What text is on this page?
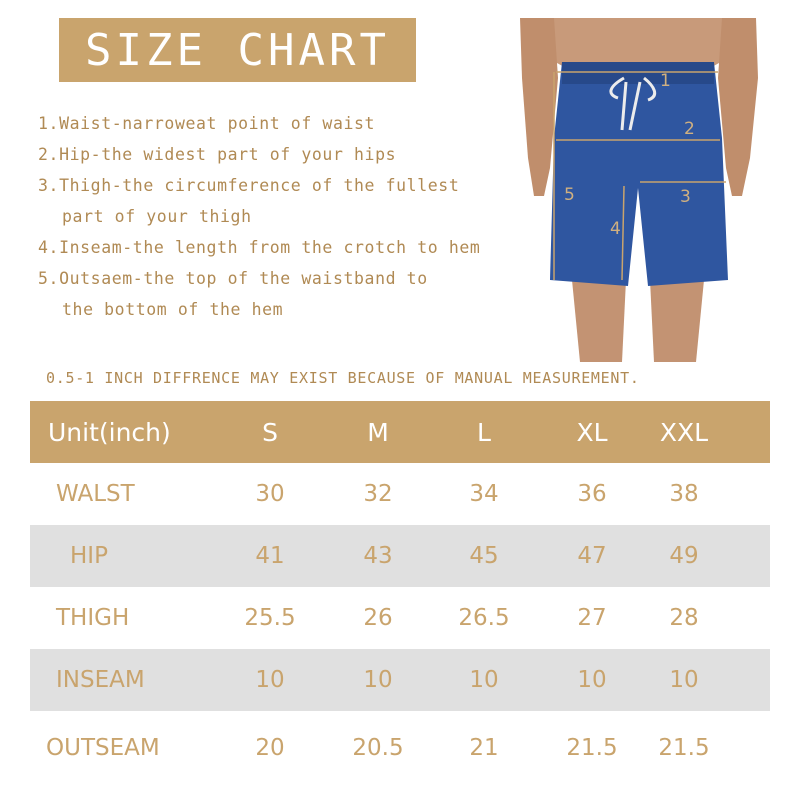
SIZE CHART
1.Waist-narroweat point of waist
2.Hip-the widest part of your hips
3.Thigh-the circumference of the fullest
part of your thigh
4.Inseam-the length from the crotch to hem
5.Outsaem-the top of the waistband to
the bottom of the hem
1
2
3
4
5
0.5-1 INCH DIFFRENCE MAY EXIST BECAUSE OF MANUAL MEASUREMENT.
Unit(inch)	S	M	L	XL	XXL
WALST	30	32	34	36	38
HIP	41	43	45	47	49
THIGH	25.5	26	26.5	27	28
INSEAM	10	10	10	10	10
OUTSEAM	20	20.5	21	21.5	21.5
